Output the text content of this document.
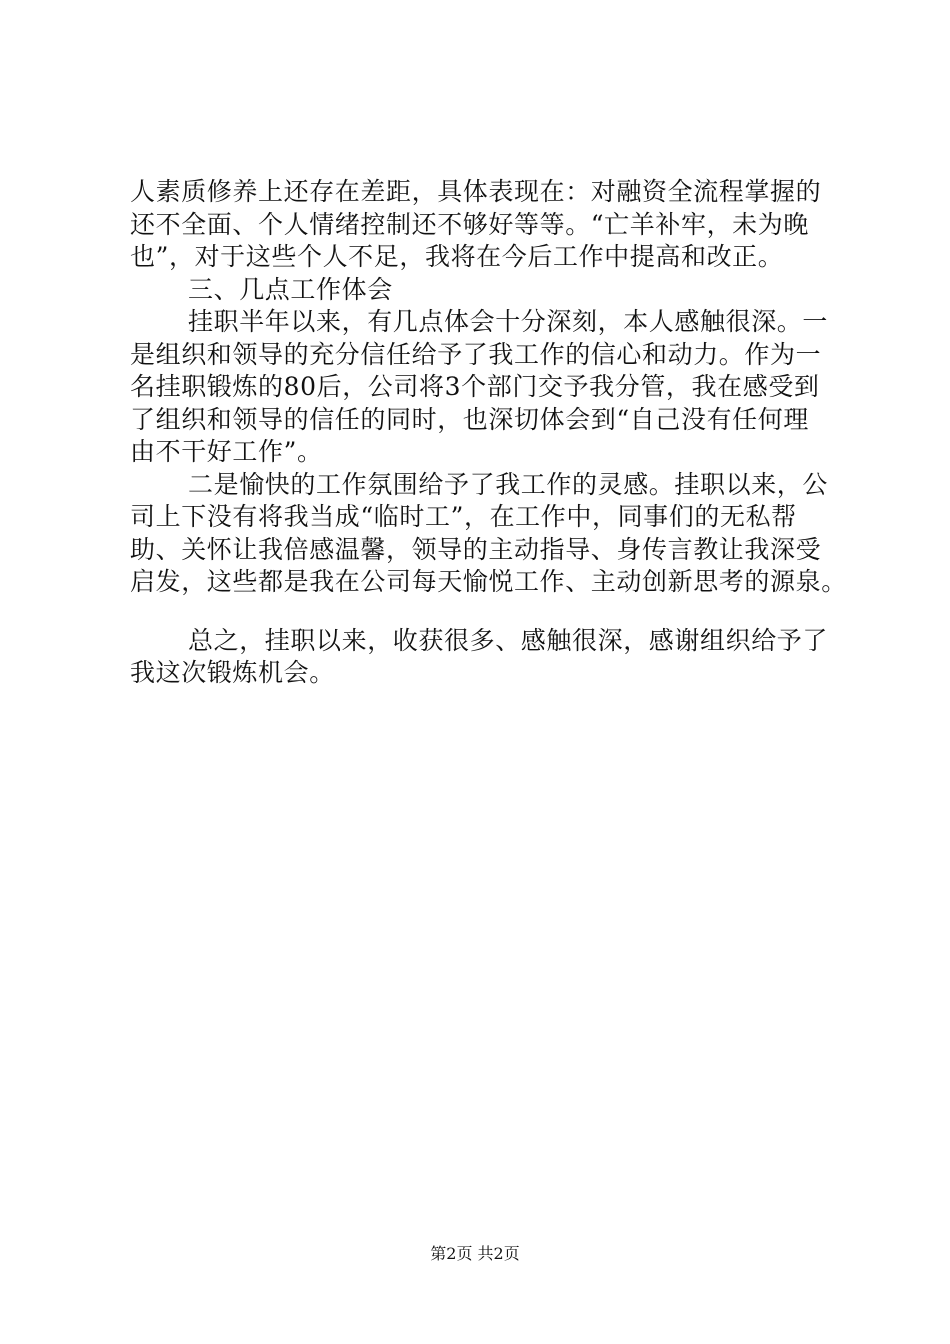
人素质修养上还存在差距，具体表现在：对融资全流程掌握的
还不全面、个人情绪控制还不够好等等。“亡羊补牢，未为晚
也”，对于这些个人不足，我将在今后工作中提高和改正。
三、几点工作体会
挂职半年以来，有几点体会十分深刻，本人感触很深。一
是组织和领导的充分信任给予了我工作的信心和动力。作为一
名挂职锻炼的80后，公司将3个部门交予我分管，我在感受到
了组织和领导的信任的同时，也深切体会到“自己没有任何理
由不干好工作”。
二是愉快的工作氛围给予了我工作的灵感。挂职以来，公
司上下没有将我当成“临时工”，在工作中，同事们的无私帮
助、关怀让我倍感温馨，领导的主动指导、身传言教让我深受
启发，这些都是我在公司每天愉悦工作、主动创新思考的源泉。
总之，挂职以来，收获很多、感触很深，感谢组织给予了
我这次锻炼机会。
第2页 共2页
